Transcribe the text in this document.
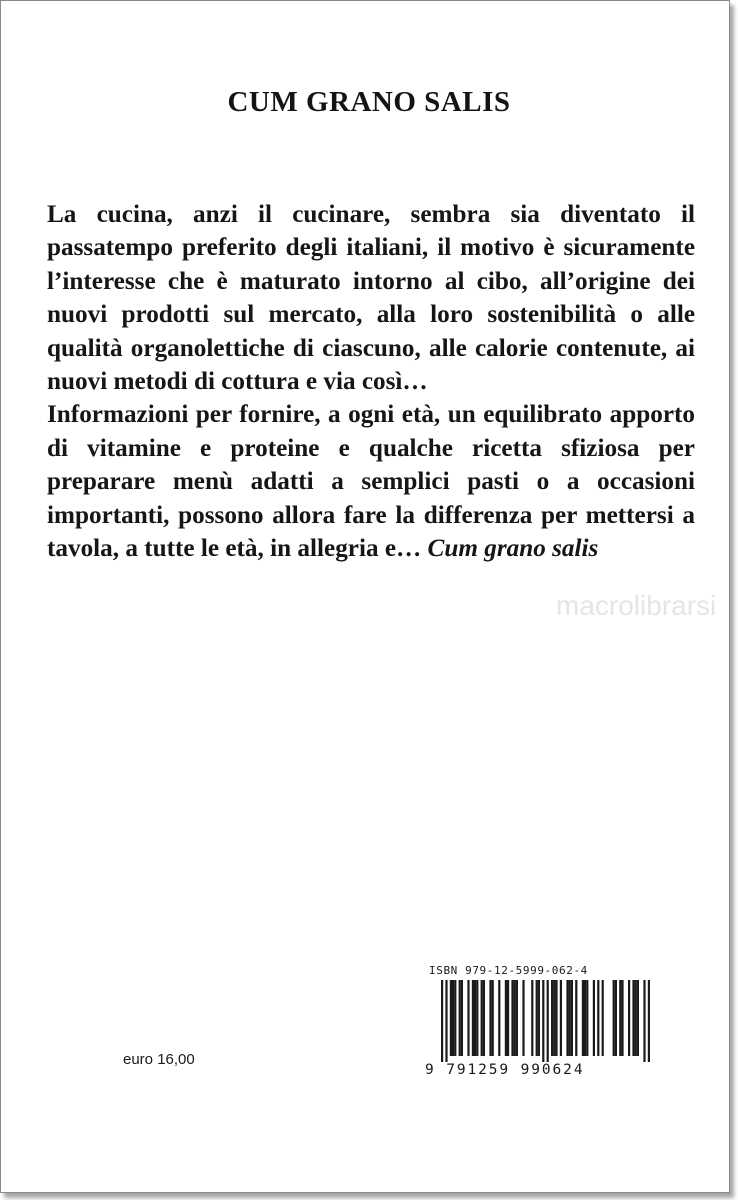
CUM GRANO SALIS

La cucina, anzi il cucinare, sembra sia diventato il passatempo preferito degli italiani, il motivo è sicuramente l’interesse che è maturato intorno al cibo, all’origine dei nuovi prodotti sul mercato, alla loro sostenibilità o alle qualità organolettiche di ciascuno, alle calorie contenute, ai nuovi metodi di cottura e via così…

Informazioni per fornire, a ogni età, un equilibrato apporto di vitamine e proteine e qualche ricetta sfiziosa per preparare menù adatti a semplici pasti o a occasioni importanti, possono allora fare la differenza per mettersi a tavola, a tutte le età, in allegria e… Cum grano salis

macrolibrarsi
euro 16,00
ISBN 979-12-5999-062-4
9 791259 990624
